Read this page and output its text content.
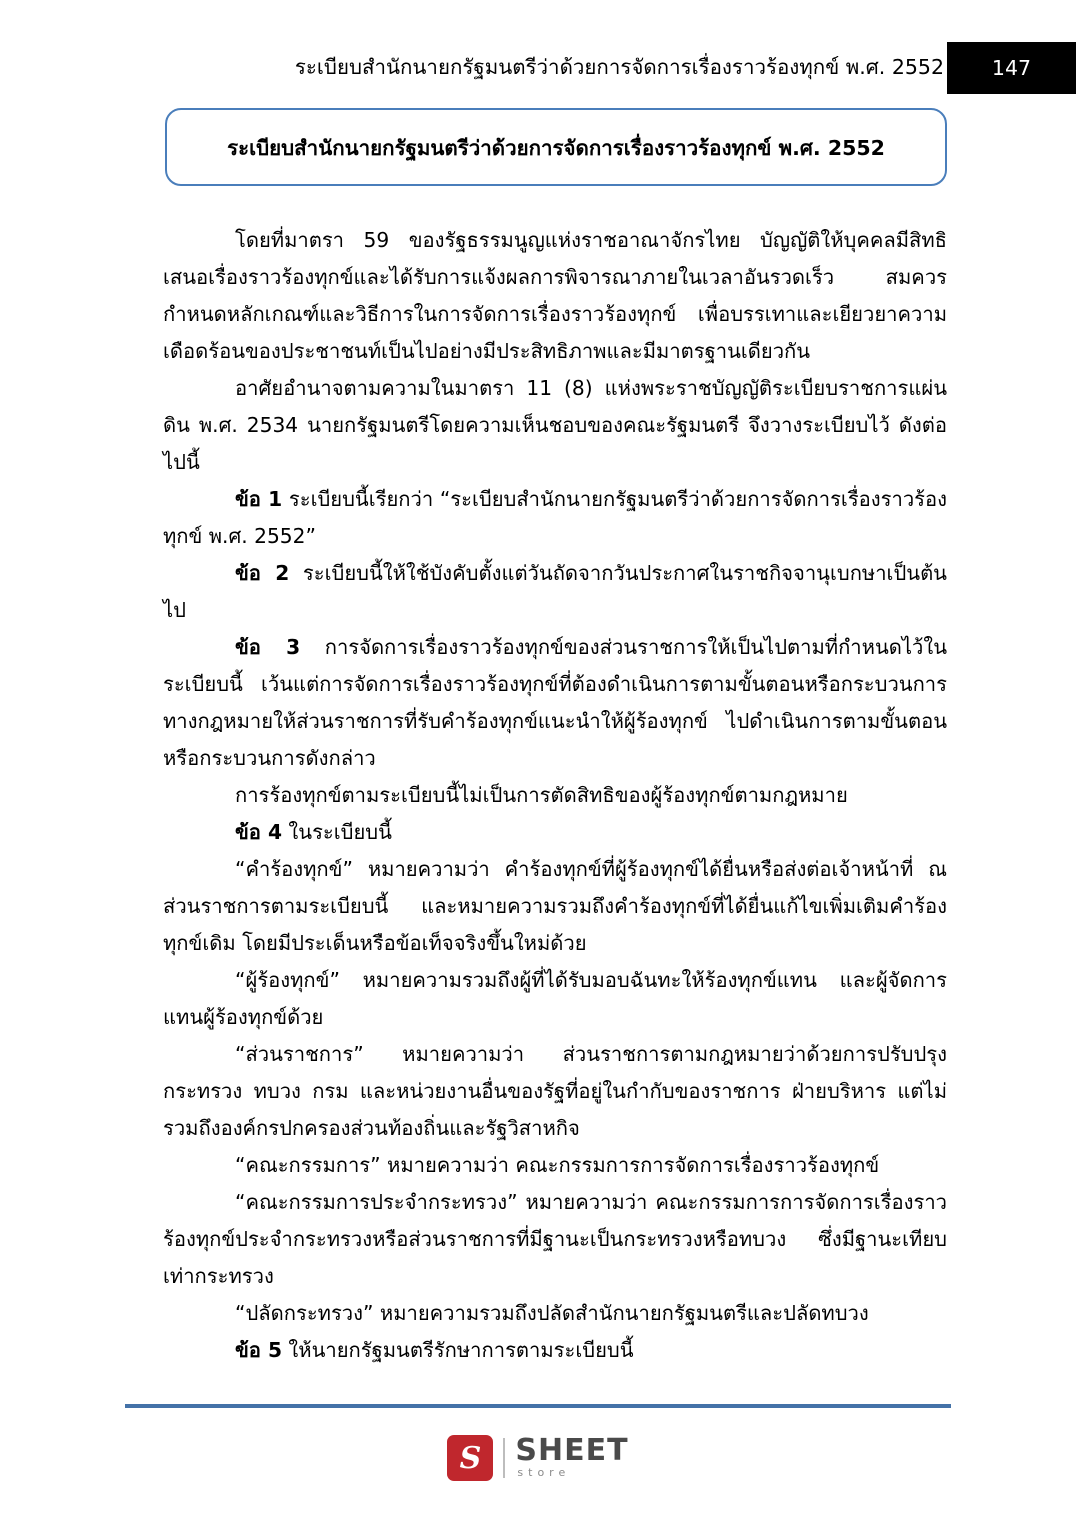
ระเบียบสำนักนายกรัฐมนตรีว่าด้วยการจัดการเรื่องราวร้องทุกข์ พ.ศ. 2552	147
ระเบียบสำนักนายกรัฐมนตรีว่าด้วยการจัดการเรื่องราวร้องทุกข์ พ.ศ. 2552

โดยที่มาตรา 59 ของรัฐธรรมนูญแห่งราชอาณาจักรไทย บัญญัติให้บุคคลมีสิทธิเสนอเรื่องราวร้องทุกข์และได้รับการแจ้งผลการพิจารณาภายในเวลาอันรวดเร็ว สมควรกำหนดหลักเกณฑ์และวิธีการในการจัดการเรื่องราวร้องทุกข์ เพื่อบรรเทาและเยียวยาความเดือดร้อนของประชาชนท์เป็นไปอย่างมีประสิทธิภาพและมีมาตรฐานเดียวกัน

อาศัยอำนาจตามความในมาตรา 11 (8) แห่งพระราชบัญญัติระเบียบราชการแผ่นดิน พ.ศ. 2534 นายกรัฐมนตรีโดยความเห็นชอบของคณะรัฐมนตรี จึงวางระเบียบไว้ ดังต่อไปนี้

ข้อ 1 ระเบียบนี้เรียกว่า “ระเบียบสำนักนายกรัฐมนตรีว่าด้วยการจัดการเรื่องราวร้องทุกข์ พ.ศ. 2552”

ข้อ 2 ระเบียบนี้ให้ใช้บังคับตั้งแต่วันถัดจากวันประกาศในราชกิจจานุเบกษาเป็นต้นไป

ข้อ 3 การจัดการเรื่องราวร้องทุกข์ของส่วนราชการให้เป็นไปตามที่กำหนดไว้ในระเบียบนี้ เว้นแต่การจัดการเรื่องราวร้องทุกข์ที่ต้องดำเนินการตามขั้นตอนหรือกระบวนการทางกฎหมายให้ส่วนราชการที่รับคำร้องทุกข์แนะนำให้ผู้ร้องทุกข์ ไปดำเนินการตามขั้นตอนหรือกระบวนการดังกล่าว

การร้องทุกข์ตามระเบียบนี้ไม่เป็นการตัดสิทธิของผู้ร้องทุกข์ตามกฎหมาย

ข้อ 4 ในระเบียบนี้

“คำร้องทุกข์” หมายความว่า คำร้องทุกข์ที่ผู้ร้องทุกข์ได้ยื่นหรือส่งต่อเจ้าหน้าที่ ณ ส่วนราชการตามระเบียบนี้ และหมายความรวมถึงคำร้องทุกข์ที่ได้ยื่นแก้ไขเพิ่มเติมคำร้องทุกข์เดิม โดยมีประเด็นหรือข้อเท็จจริงขึ้นใหม่ด้วย

“ผู้ร้องทุกข์” หมายความรวมถึงผู้ที่ได้รับมอบฉันทะให้ร้องทุกข์แทน และผู้จัดการแทนผู้ร้องทุกข์ด้วย

“ส่วนราชการ” หมายความว่า ส่วนราชการตามกฎหมายว่าด้วยการปรับปรุงกระทรวง ทบวง กรม และหน่วยงานอื่นของรัฐที่อยู่ในกำกับของราชการ ฝ่ายบริหาร แต่ไม่รวมถึงองค์กรปกครองส่วนท้องถิ่นและรัฐวิสาหกิจ

“คณะกรรมการ” หมายความว่า คณะกรรมการการจัดการเรื่องราวร้องทุกข์

“คณะกรรมการประจำกระทรวง” หมายความว่า คณะกรรมการการจัดการเรื่องราวร้องทุกข์ประจำกระทรวงหรือส่วนราชการที่มีฐานะเป็นกระทรวงหรือทบวง ซึ่งมีฐานะเทียบเท่ากระทรวง

“ปลัดกระทรวง” หมายความรวมถึงปลัดสำนักนายกรัฐมนตรีและปลัดทบวง

ข้อ 5 ให้นายกรัฐมนตรีรักษาการตามระเบียบนี้

S	SHEET
store
